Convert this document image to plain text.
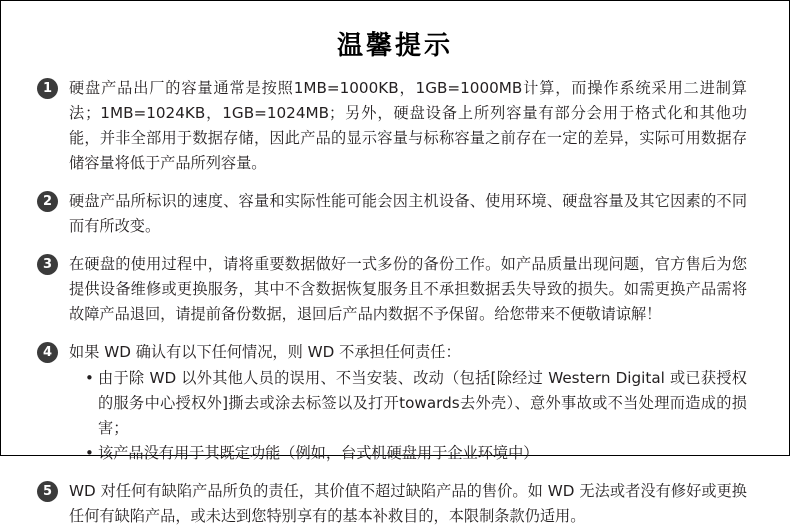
温馨提示
1	硬盘产品出厂的容量通常是按照1MB=1000KB，1GB=1000MB计算，而操作系统采用二进制算法；1MB=1024KB，1GB=1024MB；另外，硬盘设备上所列容量有部分会用于格式化和其他功能，并非全部用于数据存储，因此产品的显示容量与标称容量之前存在一定的差异，实际可用数据存储容量将低于产品所列容量。
2	硬盘产品所标识的速度、容量和实际性能可能会因主机设备、使用环境、硬盘容量及其它因素的不同而有所改变。
3	在硬盘的使用过程中，请将重要数据做好一式多份的备份工作。如产品质量出现问题，官方售后为您提供设备维修或更换服务，其中不含数据恢复服务且不承担数据丢失导致的损失。如需更换产品需将故障产品退回，请提前备份数据，退回后产品内数据不予保留。给您带来不便敬请谅解！
4	如果 WD 确认有以下任何情况，则 WD 不承担任何责任：
• 由于除 WD 以外其他人员的误用、不当安装、改动（包括[除经过 Western Digital 或已获授权的服务中心授权外]撕去或涂去标签以及打开towards去外壳）、意外事故或不当处理而造成的损害；
• 该产品没有用于其既定功能（例如，台式机硬盘用于企业环境中）
5	WD 对任何有缺陷产品所负的责任，其价值不超过缺陷产品的售价。如 WD 无法或者没有修好或更换任何有缺陷产品，或未达到您特别享有的基本补救目的，本限制条款仍适用。
